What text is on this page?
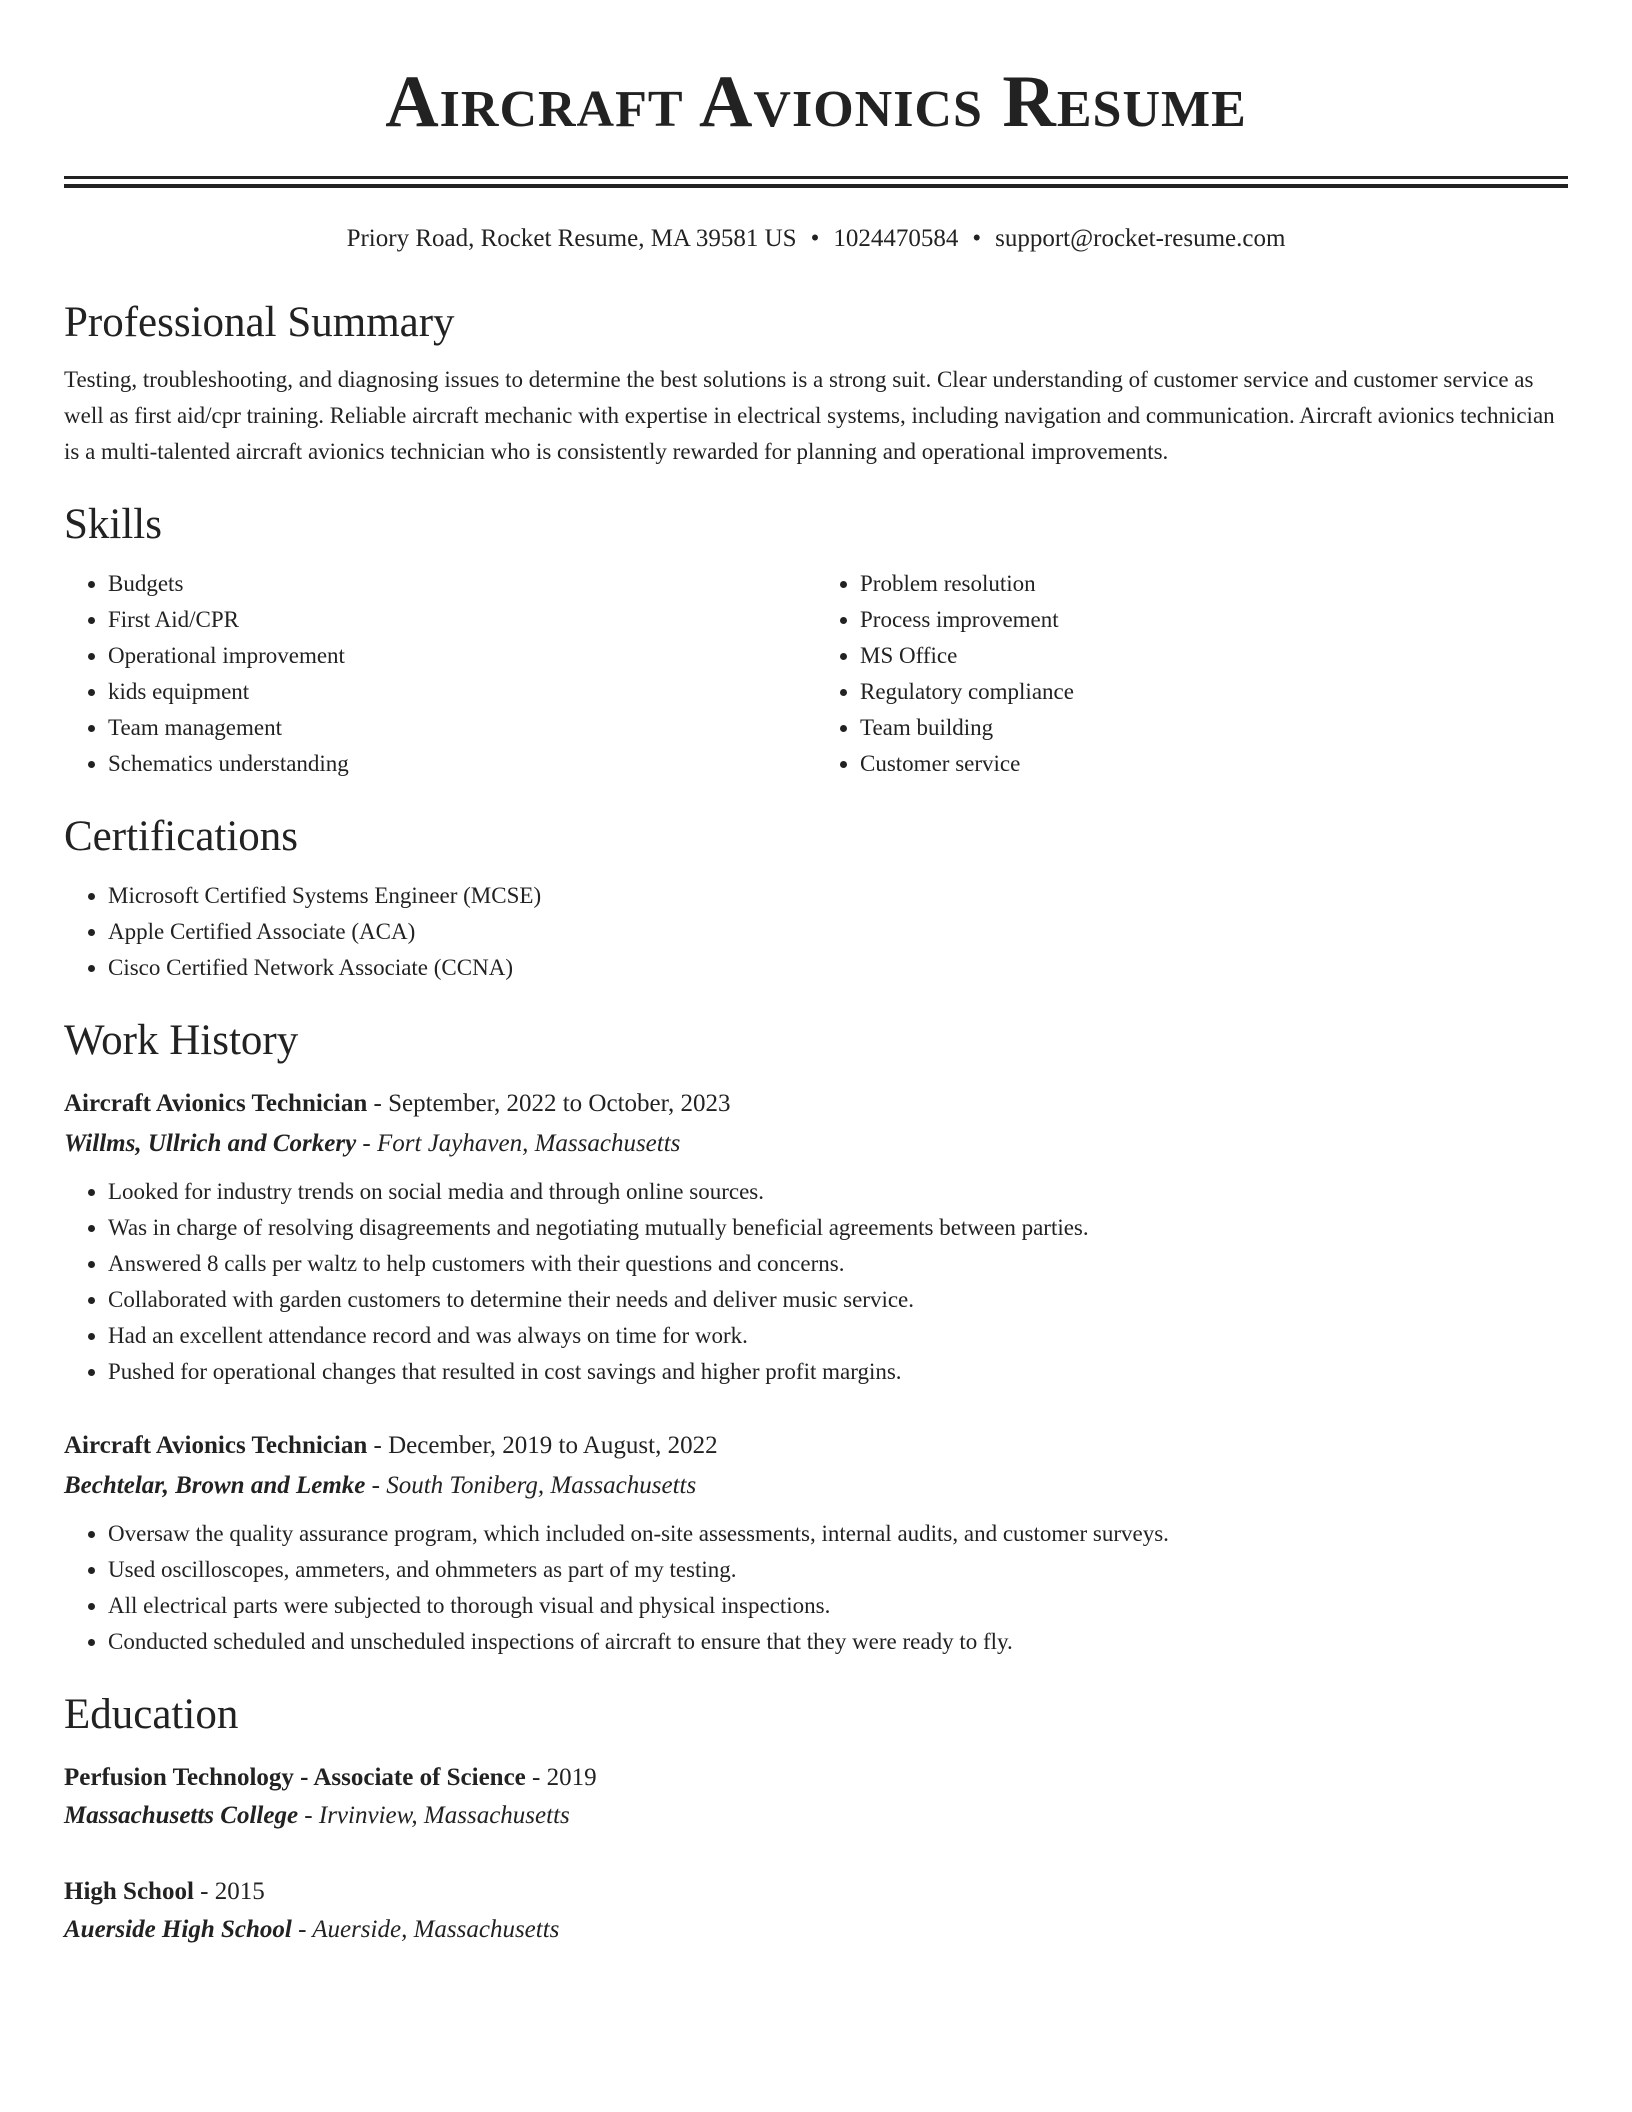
Aircraft Avionics Resume
Priory Road, Rocket Resume, MA 39581 US • 1024470584 • support@rocket-resume.com
Professional Summary

Testing, troubleshooting, and diagnosing issues to determine the best solutions is a strong suit. Clear understanding of customer service and customer service as well as first aid/cpr training. Reliable aircraft mechanic with expertise in electrical systems, including navigation and communication. Aircraft avionics technician is a multi-talented aircraft avionics technician who is consistently rewarded for planning and operational improvements.

Skills
• Budgets
• First Aid/CPR
• Operational improvement
• kids equipment
• Team management
• Schematics understanding
• Problem resolution
• Process improvement
• MS Office
• Regulatory compliance
• Team building
• Customer service
Certifications
• Microsoft Certified Systems Engineer (MCSE)
• Apple Certified Associate (ACA)
• Cisco Certified Network Associate (CCNA)
Work History
Aircraft Avionics Technician - September, 2022 to October, 2023
Willms, Ullrich and Corkery - Fort Jayhaven, Massachusetts
• Looked for industry trends on social media and through online sources.
• Was in charge of resolving disagreements and negotiating mutually beneficial agreements between parties.
• Answered 8 calls per waltz to help customers with their questions and concerns.
• Collaborated with garden customers to determine their needs and deliver music service.
• Had an excellent attendance record and was always on time for work.
• Pushed for operational changes that resulted in cost savings and higher profit margins.
Aircraft Avionics Technician - December, 2019 to August, 2022
Bechtelar, Brown and Lemke - South Toniberg, Massachusetts
• Oversaw the quality assurance program, which included on-site assessments, internal audits, and customer surveys.
• Used oscilloscopes, ammeters, and ohmmeters as part of my testing.
• All electrical parts were subjected to thorough visual and physical inspections.
• Conducted scheduled and unscheduled inspections of aircraft to ensure that they were ready to fly.
Education
Perfusion Technology - Associate of Science - 2019
Massachusetts College - Irvinview, Massachusetts
High School - 2015
Auerside High School - Auerside, Massachusetts
